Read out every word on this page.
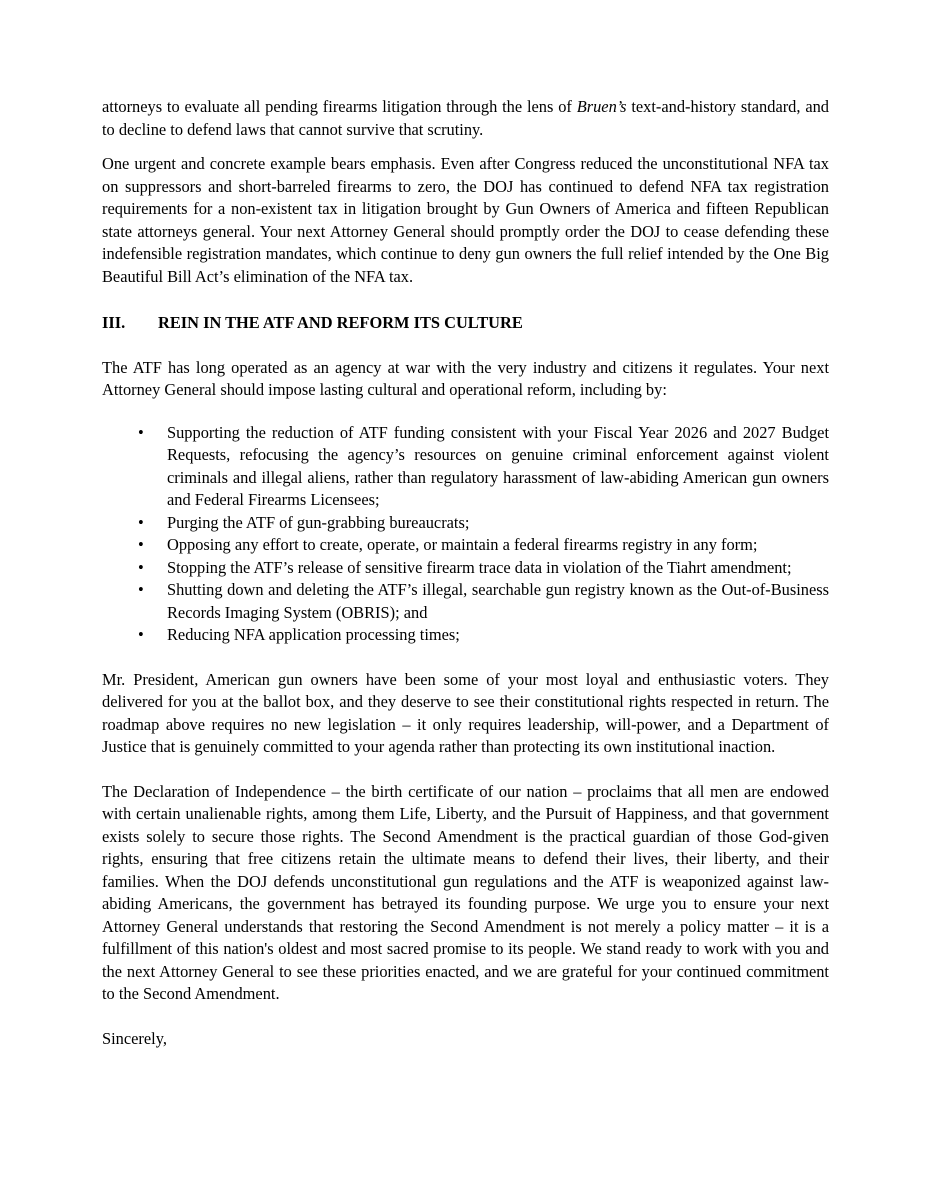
attorneys to evaluate all pending firearms litigation through the lens of Bruen’s text-and-history standard, and to decline to defend laws that cannot survive that scrutiny.

One urgent and concrete example bears emphasis. Even after Congress reduced the unconstitutional NFA tax on suppressors and short-barreled firearms to zero, the DOJ has continued to defend NFA tax registration requirements for a non-existent tax in litigation brought by Gun Owners of America and fifteen Republican state attorneys general. Your next Attorney General should promptly order the DOJ to cease defending these indefensible registration mandates, which continue to deny gun owners the full relief intended by the One Big Beautiful Bill Act’s elimination of the NFA tax.

III.	REIN IN THE ATF AND REFORM ITS CULTURE

The ATF has long operated as an agency at war with the very industry and citizens it regulates. Your next Attorney General should impose lasting cultural and operational reform, including by:

• Supporting the reduction of ATF funding consistent with your Fiscal Year 2026 and 2027 Budget Requests, refocusing the agency’s resources on genuine criminal enforcement against violent criminals and illegal aliens, rather than regulatory harassment of law-abiding American gun owners and Federal Firearms Licensees;
• Purging the ATF of gun-grabbing bureaucrats;
• Opposing any effort to create, operate, or maintain a federal firearms registry in any form;
• Stopping the ATF’s release of sensitive firearm trace data in violation of the Tiahrt amendment;
• Shutting down and deleting the ATF’s illegal, searchable gun registry known as the Out-of-Business Records Imaging System (OBRIS); and
• Reducing NFA application processing times;

Mr. President, American gun owners have been some of your most loyal and enthusiastic voters. They delivered for you at the ballot box, and they deserve to see their constitutional rights respected in return. The roadmap above requires no new legislation – it only requires leadership, will-power, and a Department of Justice that is genuinely committed to your agenda rather than protecting its own institutional inaction.

The Declaration of Independence – the birth certificate of our nation – proclaims that all men are endowed with certain unalienable rights, among them Life, Liberty, and the Pursuit of Happiness, and that government exists solely to secure those rights. The Second Amendment is the practical guardian of those God-given rights, ensuring that free citizens retain the ultimate means to defend their lives, their liberty, and their families. When the DOJ defends unconstitutional gun regulations and the ATF is weaponized against law-abiding Americans, the government has betrayed its founding purpose. We urge you to ensure your next Attorney General understands that restoring the Second Amendment is not merely a policy matter – it is a fulfillment of this nation's oldest and most sacred promise to its people. We stand ready to work with you and the next Attorney General to see these priorities enacted, and we are grateful for your continued commitment to the Second Amendment.

Sincerely,
